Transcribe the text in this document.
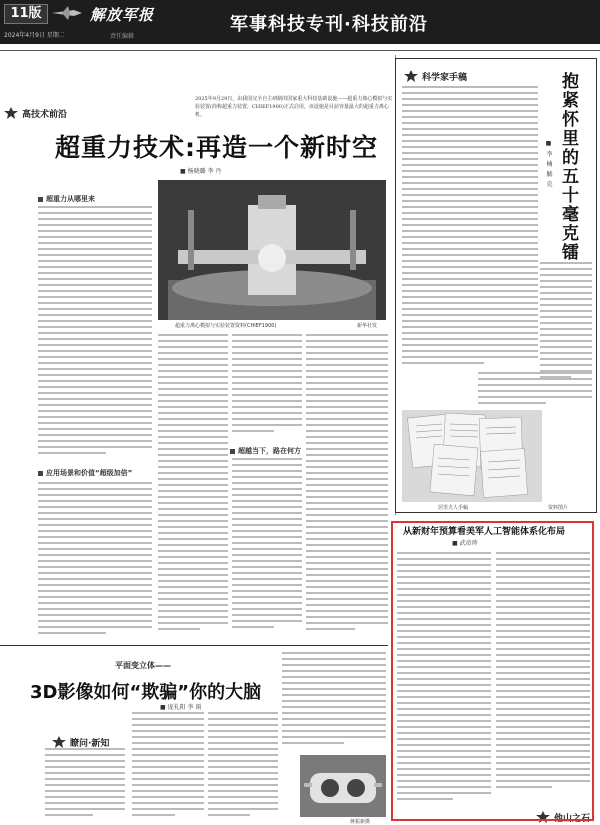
11版	解放军报
2024年4月9日 星期二	责任编辑
军事科技专刊·科技前沿
高技术前沿
科学家手稿
瞭问·新知
他山之石
2025年9月29日，由我国完全自主研制的国家重大科技基础设施——超重力离心模拟与实验装置(简称超重力装置，CHIEF1900)正式启用，该设施是目前容量最大的超重力离心机。
超重力技术:再造一个新时空
■ 杨晓璐 李 丹
超重力离心模拟与实验装置资料(CHIEF1900)	新华社发
超重力从哪里来
应用场景和价值“超级加倍”
超越当下，路在何方
抱紧怀里的五十毫克镭
■ 李 楠 毓 克
居里夫人手稿	资料图片
平面变立体——
3D影像如何“欺骗”你的大脑
■ 庞礼阳 李 雨
蒋振新摄
从新财年预算看美军人工智能体系化布局
■ 武帝珍
